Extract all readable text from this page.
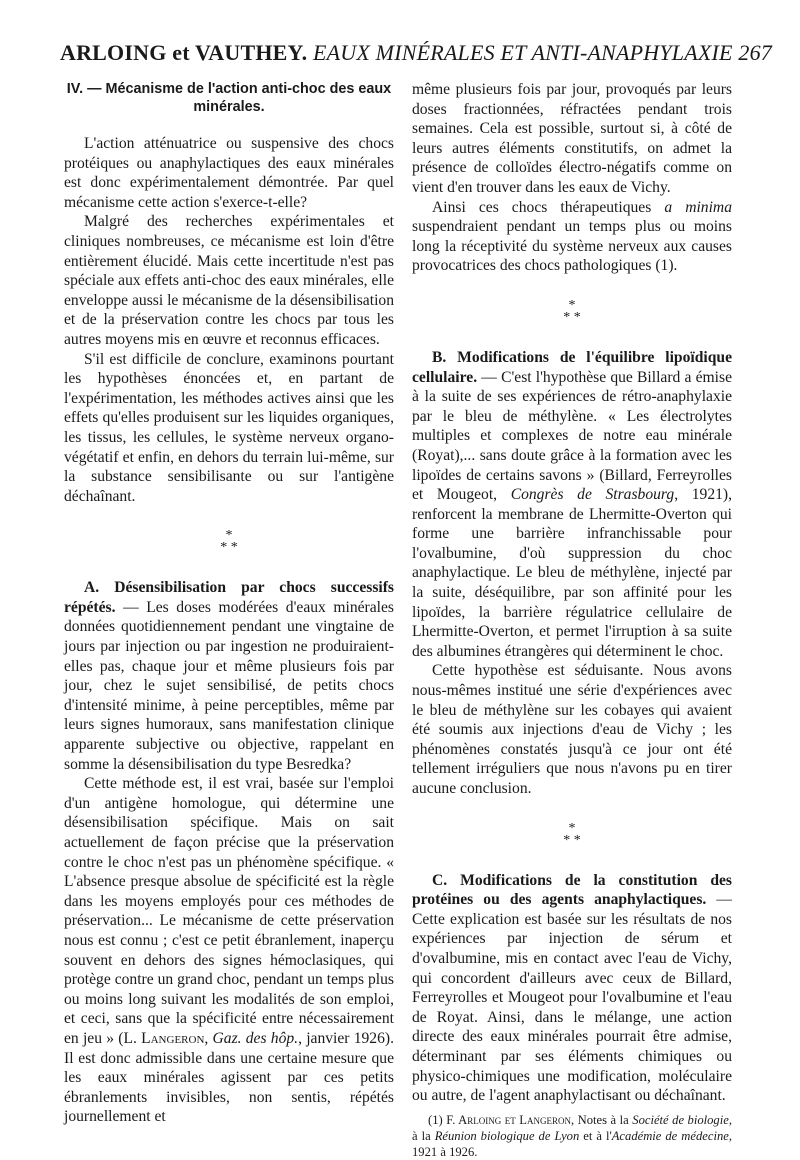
ARLOING et VAUTHEY. EAUX MINÉRALES ET ANTI-ANAPHYLAXIE 267
IV. — Mécanisme de l'action anti-choc des eaux minérales.

L'action atténuatrice ou suspensive des chocs protéiques ou anaphylactiques des eaux minérales est donc expérimentalement démontrée. Par quel mécanisme cette action s'exerce-t-elle?

Malgré des recherches expérimentales et cliniques nombreuses, ce mécanisme est loin d'être entièrement élucidé. Mais cette incertitude n'est pas spéciale aux effets anti-choc des eaux minérales, elle enveloppe aussi le mécanisme de la désensibilisation et de la préservation contre les chocs par tous les autres moyens mis en œuvre et reconnus efficaces.

S'il est difficile de conclure, examinons pourtant les hypothèses énoncées et, en partant de l'expérimentation, les méthodes actives ainsi que les effets qu'elles produisent sur les liquides organiques, les tissus, les cellules, le système nerveux organo-végétatif et enfin, en dehors du terrain lui-même, sur la substance sensibilisante ou sur l'antigène déchaînant.

*
* *

A. Désensibilisation par chocs successifs répétés. — Les doses modérées d'eaux minérales données quotidiennement pendant une vingtaine de jours par injection ou par ingestion ne produiraient-elles pas, chaque jour et même plusieurs fois par jour, chez le sujet sensibilisé, de petits chocs d'intensité minime, à peine perceptibles, même par leurs signes humoraux, sans manifestation clinique apparente subjective ou objective, rappelant en somme la désensibilisation du type Besredka?

Cette méthode est, il est vrai, basée sur l'emploi d'un antigène homologue, qui détermine une désensibilisation spécifique. Mais on sait actuellement de façon précise que la préservation contre le choc n'est pas un phénomène spécifique. « L'absence presque absolue de spécificité est la règle dans les moyens employés pour ces méthodes de préservation... Le mécanisme de cette préservation nous est connu ; c'est ce petit ébranlement, inaperçu souvent en dehors des signes hémoclasiques, qui protège contre un grand choc, pendant un temps plus ou moins long suivant les modalités de son emploi, et ceci, sans que la spécificité entre nécessairement en jeu » (L. Langeron, Gaz. des hôp., janvier 1926). Il est donc admissible dans une certaine mesure que les eaux minérales agissent par ces petits ébranlements invisibles, non sentis, répétés journellement et

même plusieurs fois par jour, provoqués par leurs doses fractionnées, réfractées pendant trois semaines. Cela est possible, surtout si, à côté de leurs autres éléments constitutifs, on admet la présence de colloïdes électro-négatifs comme on vient d'en trouver dans les eaux de Vichy.

Ainsi ces chocs thérapeutiques a minima suspendraient pendant un temps plus ou moins long la réceptivité du système nerveux aux causes provocatrices des chocs pathologiques (1).

*
* *

B. Modifications de l'équilibre lipoïdique cellulaire. — C'est l'hypothèse que Billard a émise à la suite de ses expériences de rétro-anaphylaxie par le bleu de méthylène. « Les électrolytes multiples et complexes de notre eau minérale (Royat),... sans doute grâce à la formation avec les lipoïdes de certains savons » (Billard, Ferreyrolles et Mougeot, Congrès de Strasbourg, 1921), renforcent la membrane de Lhermitte-Overton qui forme une barrière infranchissable pour l'ovalbumine, d'où suppression du choc anaphylactique. Le bleu de méthylène, injecté par la suite, déséquilibre, par son affinité pour les lipoïdes, la barrière régulatrice cellulaire de Lhermitte-Overton, et permet l'irruption à sa suite des albumines étrangères qui déterminent le choc.

Cette hypothèse est séduisante. Nous avons nous-mêmes institué une série d'expériences avec le bleu de méthylène sur les cobayes qui avaient été soumis aux injections d'eau de Vichy ; les phénomènes constatés jusqu'à ce jour ont été tellement irréguliers que nous n'avons pu en tirer aucune conclusion.

*
* *

C. Modifications de la constitution des protéines ou des agents anaphylactiques. — Cette explication est basée sur les résultats de nos expériences par injection de sérum et d'ovalbumine, mis en contact avec l'eau de Vichy, qui concordent d'ailleurs avec ceux de Billard, Ferreyrolles et Mougeot pour l'ovalbumine et l'eau de Royat. Ainsi, dans le mélange, une action directe des eaux minérales pourrait être admise, déterminant par ses éléments chimiques ou physico-chimiques une modification, moléculaire ou autre, de l'agent anaphylactisant ou déchaînant.

(1) F. Arloing et Langeron, Notes à la Société de biologie, à la Réunion biologique de Lyon et à l'Académie de médecine, 1921 à 1926.
